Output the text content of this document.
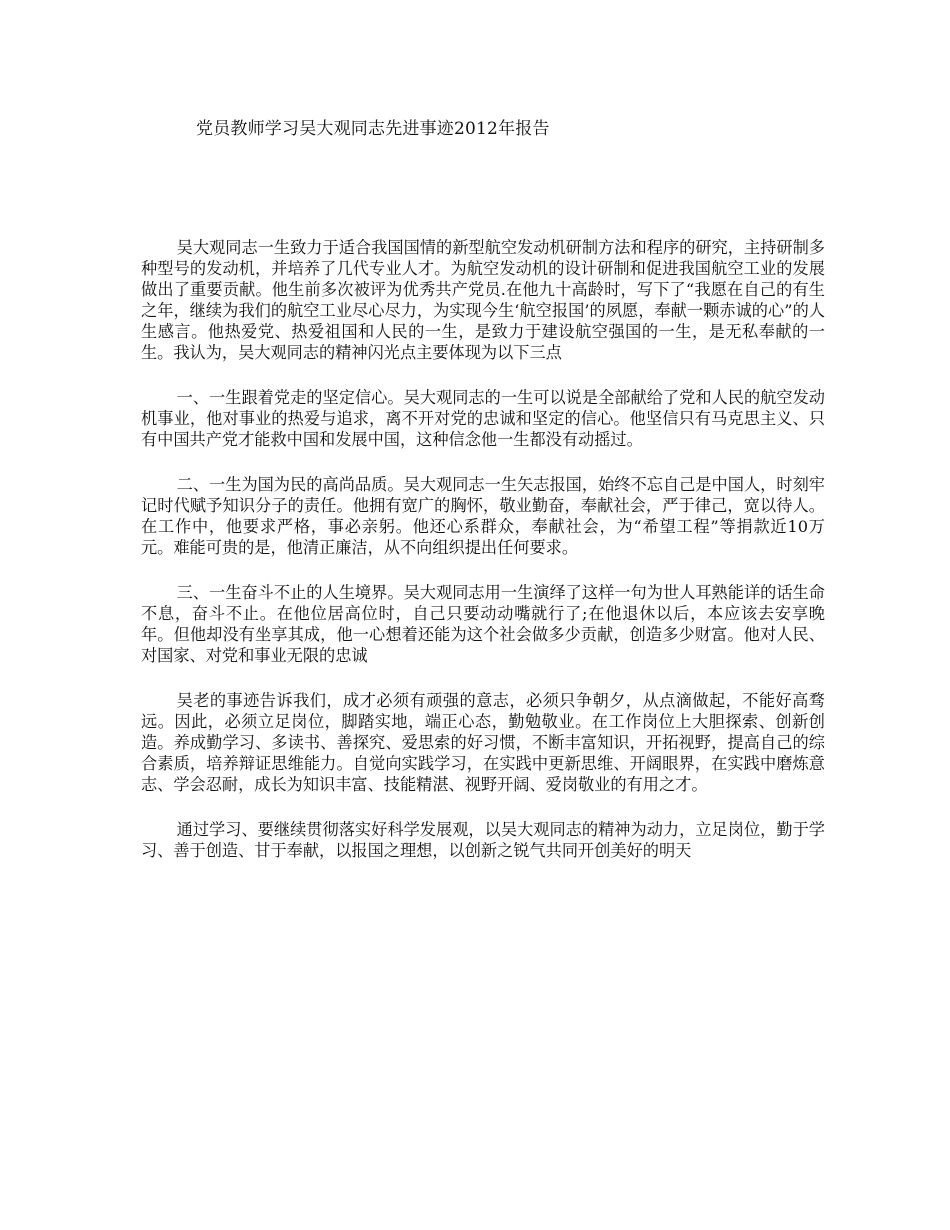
党员教师学习吴大观同志先进事迹2012年报告

吴大观同志一生致力于适合我国国情的新型航空发动机研制方法和程序的研究，主持研制多种型号的发动机，并培养了几代专业人才。为航空发动机的设计研制和促进我国航空工业的发展做出了重要贡献。他生前多次被评为优秀共产党员.在他九十高龄时，写下了“我愿在自己的有生之年，继续为我们的航空工业尽心尽力，为实现今生‘航空报国’的夙愿，奉献一颗赤诚的心”的人生感言。他热爱党、热爱祖国和人民的一生，是致力于建设航空强国的一生，是无私奉献的一生。我认为，吴大观同志的精神闪光点主要体现为以下三点

一、一生跟着党走的坚定信心。吴大观同志的一生可以说是全部献给了党和人民的航空发动机事业，他对事业的热爱与追求，离不开对党的忠诚和坚定的信心。他坚信只有马克思主义、只有中国共产党才能救中国和发展中国，这种信念他一生都没有动摇过。

二、一生为国为民的高尚品质。吴大观同志一生矢志报国，始终不忘自己是中国人，时刻牢记时代赋予知识分子的责任。他拥有宽广的胸怀，敬业勤奋，奉献社会，严于律己，宽以待人。在工作中，他要求严格，事必亲躬。他还心系群众，奉献社会，为“希望工程”等捐款近10万元。难能可贵的是，他清正廉洁，从不向组织提出任何要求。

三、一生奋斗不止的人生境界。吴大观同志用一生演绎了这样一句为世人耳熟能详的话生命不息，奋斗不止。在他位居高位时，自己只要动动嘴就行了;在他退休以后，本应该去安享晚年。但他却没有坐享其成，他一心想着还能为这个社会做多少贡献，创造多少财富。他对人民、对国家、对党和事业无限的忠诚

吴老的事迹告诉我们，成才必须有顽强的意志，必须只争朝夕，从点滴做起，不能好高骛远。因此，必须立足岗位，脚踏实地，端正心态，勤勉敬业。在工作岗位上大胆探索、创新创造。养成勤学习、多读书、善探究、爱思索的好习惯，不断丰富知识，开拓视野，提高自己的综合素质，培养辩证思维能力。自觉向实践学习，在实践中更新思维、开阔眼界，在实践中磨炼意志、学会忍耐，成长为知识丰富、技能精湛、视野开阔、爱岗敬业的有用之才。

通过学习、要继续贯彻落实好科学发展观，以吴大观同志的精神为动力，立足岗位，勤于学习、善于创造、甘于奉献，以报国之理想，以创新之锐气共同开创美好的明天
